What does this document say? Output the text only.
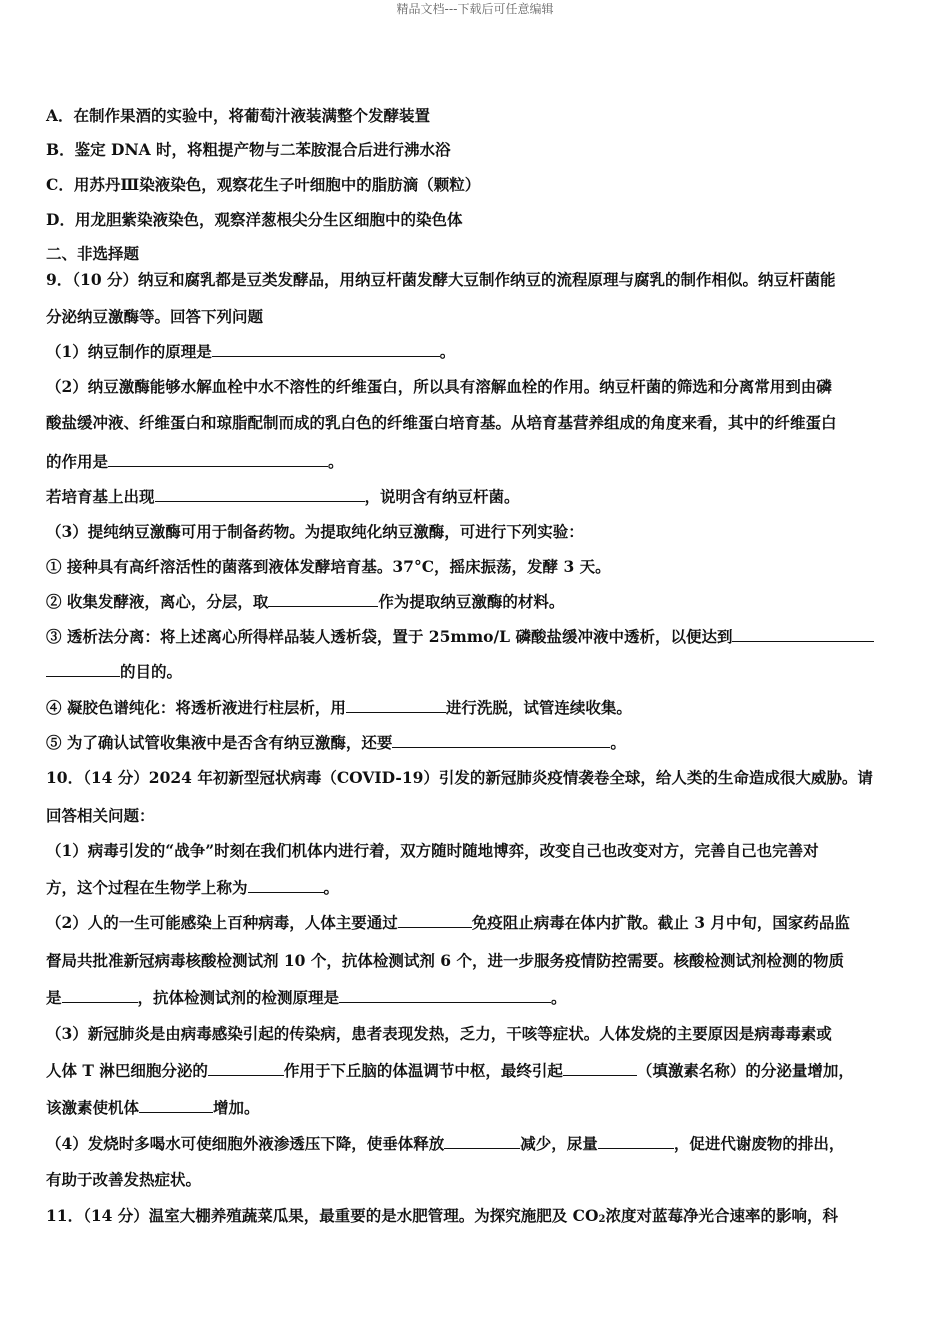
精品文档---下载后可任意编辑
A．在制作果酒的实验中，将葡萄汁液装满整个发酵装置
B．鉴定 DNA 时，将粗提产物与二苯胺混合后进行沸水浴
C．用苏丹Ⅲ染液染色，观察花生子叶细胞中的脂肪滴（颗粒）
D．用龙胆紫染液染色，观察洋葱根尖分生区细胞中的染色体
二、非选择题
9．（10 分）纳豆和腐乳都是豆类发酵品，用纳豆杆菌发酵大豆制作纳豆的流程原理与腐乳的制作相似。纳豆杆菌能
分泌纳豆激酶等。回答下列问题
（1）纳豆制作的原理是	。
（2）纳豆激酶能够水解血栓中水不溶性的纤维蛋白，所以具有溶解血栓的作用。纳豆杆菌的筛选和分离常用到由磷
酸盐缓冲液、纤维蛋白和琼脂配制而成的乳白色的纤维蛋白培育基。从培育基营养组成的角度来看，其中的纤维蛋白
的作用是	。
若培育基上出现	，说明含有纳豆杆菌。
（3）提纯纳豆激酶可用于制备药物。为提取纯化纳豆激酶，可进行下列实验：
① 接种具有高纤溶活性的菌落到液体发酵培育基。37°C，摇床振荡，发酵 3 天。
② 收集发酵液，离心，分层，取	作为提取纳豆激酶的材料。
③ 透析法分离：将上述离心所得样品装人透析袋，置于 25mmo/L 磷酸盐缓冲液中透析，以便达到
的目的。
④ 凝胶色谱纯化：将透析液进行柱层析，用	进行洗脱，试管连续收集。
⑤ 为了确认试管收集液中是否含有纳豆激酶，还要	。
10．（14 分）2024 年初新型冠状病毒（COVID-19）引发的新冠肺炎疫情袭卷全球，给人类的生命造成很大威胁。请
回答相关问题：
（1）病毒引发的“战争”时刻在我们机体内进行着，双方随时随地博弈，改变自己也改变对方，完善自己也完善对
方，这个过程在生物学上称为	。
（2）人的一生可能感染上百种病毒，人体主要通过	免疫阻止病毒在体内扩散。截止 3 月中旬，国家药品监
督局共批准新冠病毒核酸检测试剂 10 个，抗体检测试剂 6 个，进一步服务疫情防控需要。核酸检测试剂检测的物质
是	，抗体检测试剂的检测原理是	。
（3）新冠肺炎是由病毒感染引起的传染病，患者表现发热，乏力，干咳等症状。人体发烧的主要原因是病毒毒素或
人体 T 淋巴细胞分泌的	作用于下丘脑的体温调节中枢，最终引起	（填激素名称）的分泌量增加，
该激素使机体	增加。
（4）发烧时多喝水可使细胞外液渗透压下降，使垂体释放	减少，尿量	，促进代谢废物的排出，
有助于改善发热症状。
11．（14 分）温室大棚养殖蔬菜瓜果，最重要的是水肥管理。为探究施肥及 CO2浓度对蓝莓净光合速率的影响，科
